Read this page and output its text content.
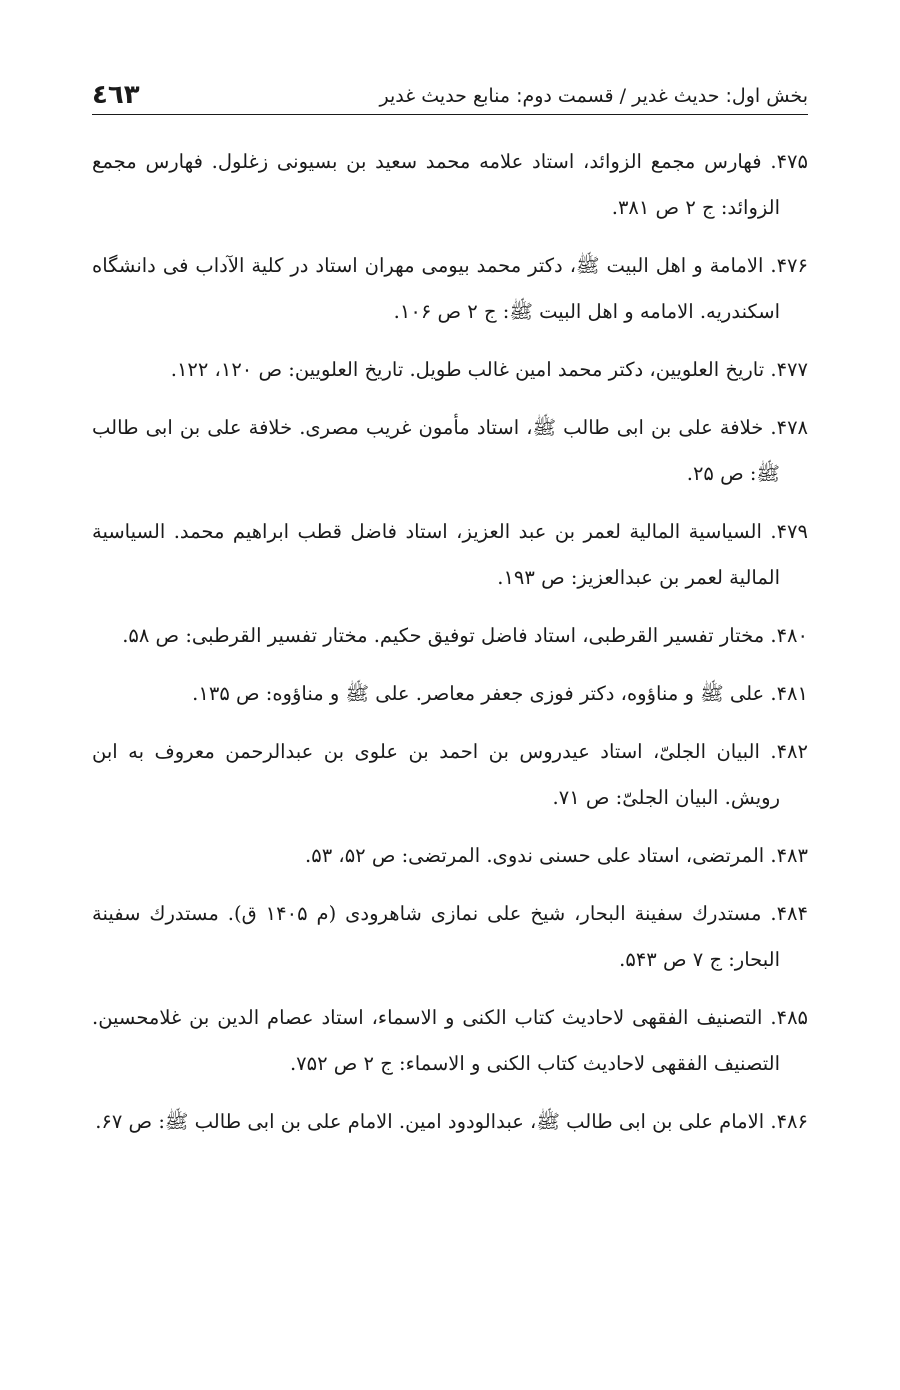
بخش اول: حديث غدير / قسمت دوم: منابع حديث غدير
٤٦٣

۴۷۵. فهارس مجمع الزوائد، استاد علامه محمد سعيد بن بسيونى زغلول. فهارس مجمع الزوائد: ج ۲ ص ۳۸۱.

۴۷۶. الامامة و اهل البيت ﷺ، دكتر محمد بيومى مهران استاد در كلية الآداب فى دانشگاه اسكندريه. الامامه و اهل البيت ﷺ: ج ۲ ص ۱۰۶.

۴۷۷. تاريخ العلويين، دكتر محمد امين غالب طويل. تاريخ العلويين: ص ۱۲۰، ۱۲۲.

۴۷۸. خلافة على بن ابى طالب ﷺ، استاد مأمون غريب مصرى. خلافة على بن ابى طالب ﷺ: ص ۲۵.

۴۷۹. السياسية المالية لعمر بن عبد العزيز، استاد فاضل قطب ابراهيم محمد. السياسية المالية لعمر بن عبدالعزيز: ص ۱۹۳.

۴۸۰. مختار تفسير القرطبى، استاد فاضل توفيق حكيم. مختار تفسير القرطبى: ص ۵۸.

۴۸۱. على ﷺ و مناؤوه، دكتر فوزى جعفر معاصر. على ﷺ و مناؤوه: ص ۱۳۵.

۴۸۲. البيان الجلىّ، استاد عيدروس بن احمد بن علوى بن عبدالرحمن معروف به ابن رويش. البيان الجلىّ: ص ۷۱.

۴۸۳. المرتضى، استاد على حسنى ندوى. المرتضى: ص ۵۲، ۵۳.

۴۸۴. مستدرك سفينة البحار، شيخ على نمازى شاهرودى (م ۱۴۰۵ ق). مستدرك سفينة البحار: ج ۷ ص ۵۴۳.

۴۸۵. التصنيف الفقهى لاحاديث كتاب الكنى و الاسماء، استاد عصام الدين بن غلامحسين. التصنيف الفقهى لاحاديث كتاب الكنى و الاسماء: ج ۲ ص ۷۵۲.

۴۸۶. الامام على بن ابى طالب ﷺ، عبدالودود امين. الامام على بن ابى طالب ﷺ: ص ۶۷.
